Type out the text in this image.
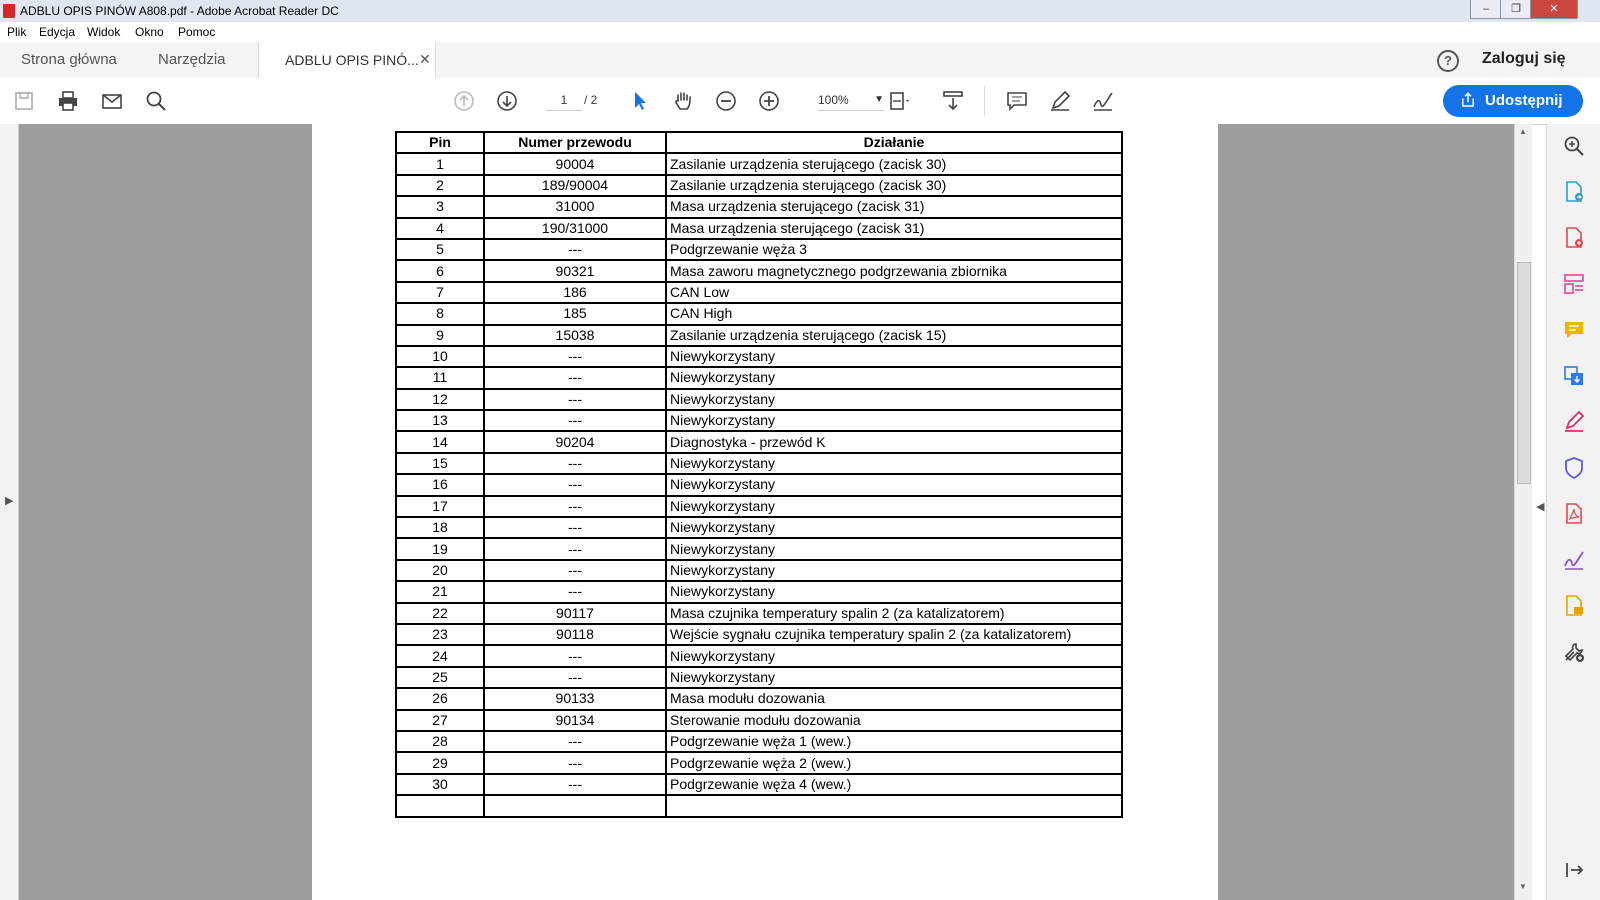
ADBLU OPIS PINÓW A808.pdf - Adobe Acrobat Reader DC	–	❐	✕
Plik Edycja Widok Okno Pomoc
Strona główna	Narzędzia	ADBLU OPIS PINÓ... ✕	?	Zaloguj się
1	/ 2	100%	▼	Udostępnij
▶
Pin	Numer przewodu	Działanie
1	90004	Zasilanie urządzenia sterującego (zacisk 30)
2	189/90004	Zasilanie urządzenia sterującego (zacisk 30)
3	31000	Masa urządzenia sterującego (zacisk 31)
4	190/31000	Masa urządzenia sterującego (zacisk 31)
5	---	Podgrzewanie węża 3
6	90321	Masa zaworu magnetycznego podgrzewania zbiornika
7	186	CAN Low
8	185	CAN High
9	15038	Zasilanie urządzenia sterującego (zacisk 15)
10	---	Niewykorzystany
11	---	Niewykorzystany
12	---	Niewykorzystany
13	---	Niewykorzystany
14	90204	Diagnostyka - przewód K
15	---	Niewykorzystany
16	---	Niewykorzystany
17	---	Niewykorzystany
18	---	Niewykorzystany
19	---	Niewykorzystany
20	---	Niewykorzystany
21	---	Niewykorzystany
22	90117	Masa czujnika temperatury spalin 2 (za katalizatorem)
23	90118	Wejście sygnału czujnika temperatury spalin 2 (za katalizatorem)
24	---	Niewykorzystany
25	---	Niewykorzystany
26	90133	Masa modułu dozowania
27	90134	Sterowanie modułu dozowania
28	---	Podgrzewanie węża 1 (wew.)
29	---	Podgrzewanie węża 2 (wew.)
30	---	Podgrzewanie węża 4 (wew.)

▲
▼
◀
